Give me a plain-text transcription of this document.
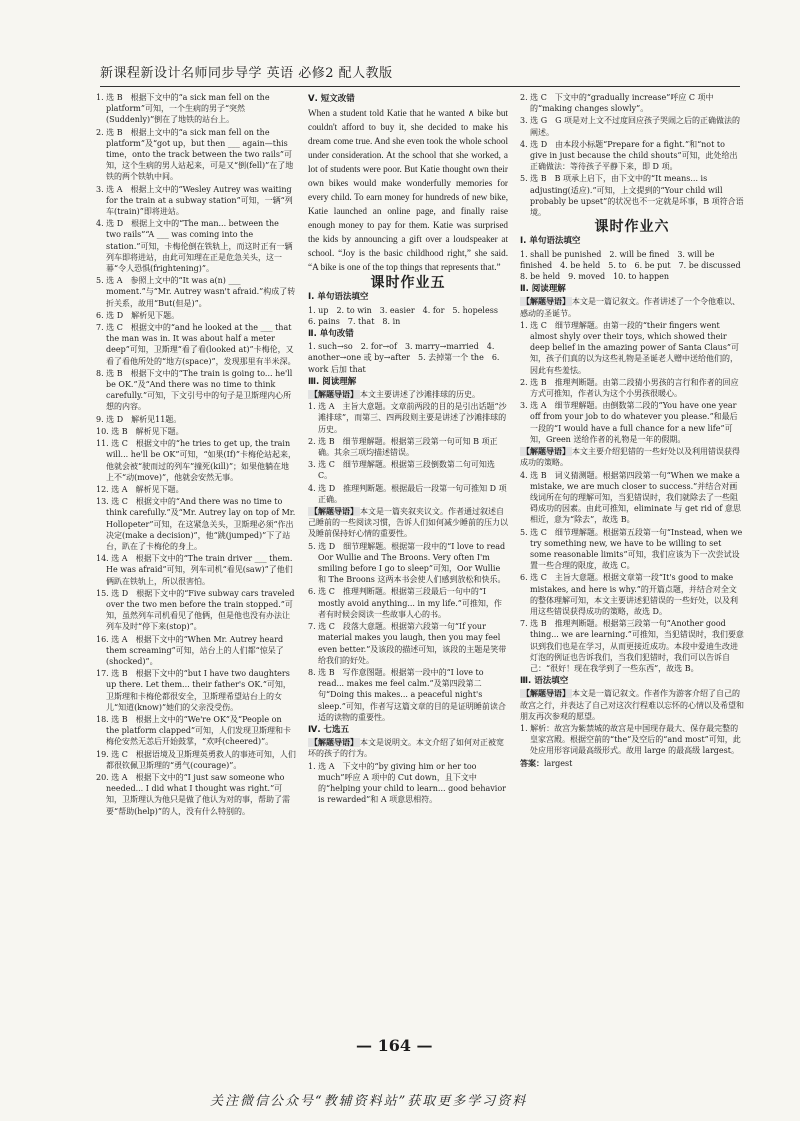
新课程新设计名师同步导学 英语 必修2 配人教版
1. 选 B　根据下文中的“a sick man fell on the platform”可知，一个生病的男子“突然(Suddenly)”倒在了地铁的站台上。
2. 选 B　根据上文中的“a sick man fell on the platform”及“got up，but then ___ again—this time，onto the track between the two rails”可知，这个生病的男人站起来，可是又“倒(fell)”在了地铁的两个铁轨中间。
3. 选 A　根据上文中的“Wesley Autrey was waiting for the train at a subway station”可知，一辆“列车(train)”即将进站。
4. 选 D　根据上文中的“The man... between the two rails”“A ___ was coming into the station.”可知，卡梅伦倒在铁轨上，而这时正有一辆列车即将进站，由此可知理在正是危急关头，这一幕“令人恐惧(frightening)”。
5. 选 A　参照上文中的“It was a(n) ___ moment.”与“Mr. Autrey wasn't afraid.”构成了转折关系，故用“But(但是)”。
6. 选 D　解析见下题。
7. 选 C　根据文中的“and he looked at the ___ that the man was in. It was about half a meter deep”可知，卫斯理“看了看(looked at)”卡梅伦，又看了看他所处的“地方(space)”，发现那里有半米深。
8. 选 B　根据下文中的“The train is going to... he'll be OK.”及“And there was no time to think carefully.”可知，下文引号中的句子是卫斯理内心所想的内容。
9. 选 D　解析见11题。
10. 选 B　解析见下题。
11. 选 C　根据文中的“he tries to get up, the train will... he'll be OK”可知，“如果(If)”卡梅伦站起来，他就会被“驶而过的列车”撞死(kill)”；如果他躺在地上不“动(move)”，他就会安然无事。
12. 选 A　解析见下题。
13. 选 C　根据文中的“And there was no time to think carefully.”及“Mr. Autrey lay on top of Mr. Hollopeter”可知，在这紧急关头，卫斯理必须“作出决定(make a decision)”，他“跳(jumped)”下了站台，趴在了卡梅伦的身上。
14. 选 A　根据下文中的“The train driver ___ them. He was afraid”可知，列车司机“看见(saw)”了他们俩趴在铁轨上，所以很害怕。
15. 选 D　根据下文中的“Five subway cars traveled over the two men before the train stopped.”可知，虽然列车司机看见了他俩，但是他也没有办法让列车及时“停下来(stop)”。
16. 选 A　根据下文中的“When Mr. Autrey heard them screaming”可知，站台上的人们都“惊呆了(shocked)”。
17. 选 B　根据下文中的“but I have two daughters up there. Let them... their father's OK.”可知，卫斯理和卡梅伦都很安全，卫斯理希望站台上的女儿“知道(know)”她们的父亲没受伤。
18. 选 B　根据上文中的“We're OK”及“People on the platform clapped”可知，人们发现卫斯理和卡梅伦安然无恙后开始鼓掌，“欢呼(cheered)”。
19. 选 C　根据语境及卫斯理英勇救人的事迹可知，人们都很钦佩卫斯理的“勇气(courage)”。
20. 选 A　根据下文中的“I just saw someone who needed... I did what I thought was right.”可知，卫斯理认为他只是做了他认为对的事，帮助了需要“帮助(help)”的人，没有什么特别的。
Ⅴ. 短文改错

When a student told Katie that he wanted ∧ bike but couldn't afford to buy it, she decided to make his dream come true. And she even took the whole school under consideration. At the school that she worked, a lot of students were poor. But Katie thought own their own bikes would make wonderfully memories for every child. To earn money for hundreds of new bike, Katie launched an online page, and finally raise enough money to pay for them. Katie was surprised the kids by announcing a gift over a loudspeaker at school. “Joy is the basic childhood right,” she said. “A bike is one of the top things that represents that.”

课时作业五
Ⅰ. 单句语法填空
1. up　2. to win　3. easier　4. for　5. hopeless　6. pains　7. that　8. in
Ⅱ. 单句改错
1. such→so　2. for→of　3. marry→married　4. another→one 或 by→after　5. 去掉第一个 the　6. work 后加 that
Ⅲ. 阅读理解
【解题导语】 本文主要讲述了沙滩排球的历史。
1. 选 A　主旨大意题。文章前两段的目的是引出话题“沙滩排球”，而第三、四两段则主要是讲述了沙滩排球的历史。
2. 选 B　细节理解题。根据第三段第一句可知 B 项正确。其余三项均描述错误。
3. 选 C　细节理解题。根据第三段倒数第二句可知选 C。
4. 选 D　推理判断题。根据最后一段第一句可推知 D 项正确。
【解题导语】 本文是一篇夹叙夹议文。作者通过叙述自己睡前的一些阅读习惯，告诉人们如何减少睡前的压力以及睡前保持好心情的重要性。
5. 选 D　细节理解题。根据第一段中的“I love to read Oor Wullie and The Broons. Very often I'm smiling before I go to sleep”可知，Oor Wullie 和 The Broons 这两本书会使人们感到放松和快乐。
6. 选 C　推理判断题。根据第三段最后一句中的“I mostly avoid anything... in my life.”可推知，作者有时候会阅读一些故事人心的书。
7. 选 C　段落大意题。根据第六段第一句“If your material makes you laugh, then you may feel even better.”及该段的描述可知，该段的主题是笑带给我们的好处。
8. 选 B　写作意图题。根据第一段中的“I love to read... makes me feel calm.”及第四段第二句“Doing this makes... a peaceful night's sleep.”可知，作者写这篇文章的目的是证明睡前读合适的读物的重要性。
Ⅳ. 七选五
【解题导语】 本文是说明文。本文介绍了如何对正被宽坏的孩子的行为。
1. 选 A　下文中的“by giving him or her too much”呼应 A 项中的 Cut down，且下文中的“helping your child to learn... good behavior is rewarded”和 A 项意思相符。
2. 选 C　下文中的“gradually increase”呼应 C 项中的“making changes slowly”。
3. 选 G　G 项是对上文不过度回应孩子哭闹之后的正确做法的阐述。
4. 选 D　由本段小标题“Prepare for a fight.”和“not to give in just because the child shouts”可知，此处给出正确做法：等待孩子平静下来，即 D 项。
5. 选 B　B 项承上启下，由下文中的“It means... is adjusting(适应).”可知，上文提到的“Your child will probably be upset”的状况也不一定就是坏事，B 项符合语境。
课时作业六
Ⅰ. 单句语法填空
1. shall be punished　2. will be fined　3. will be finished　4. be held　5. to　6. be put　7. be discussed　8. be held　9. moved　10. to happen
Ⅱ. 阅读理解
【解题导语】 本文是一篇记叙文。作者讲述了一个令他难以、感动的圣诞节。
1. 选 C　细节理解题。由第一段的“their fingers went almost shyly over their toys, which showed their deep belief in the amazing power of Santa Claus”可知，孩子们真的以为这些礼物是圣诞老人赠中送给他们的，因此有些羞怯。
2. 选 B　推理判断题。由第二段猜小男孩的言行和作者的回应方式可推知，作者认为这个小男孩很暖心。
3. 选 A　细节理解题。由倒数第二段的“You have one year off from your job to do whatever you please.”和最后一段的“I would have a full chance for a new life”可知，Green 送给作者的礼物是一年的假期。
【解题导语】 本文主要介绍犯错的一些好处以及利用错误获得成功的策略。
4. 选 B　词义猜测题。根据第四段第一句“When we make a mistake, we are much closer to success.”并结合对画线词所在句的理解可知，当犯错误时，我们就除去了一些阻碍成功的因素。由此可推知，eliminate 与 get rid of 意思相近，意为“除去”，故选 B。
5. 选 C　细节理解题。根据第五段第一句“Instead, when we try something new, we have to be willing to set some reasonable limits”可知，我们应该为下一次尝试设置一些合理的限度，故选 C。
6. 选 C　主旨大意题。根据文章第一段“It's good to make mistakes, and here is why.”的开篇点题，并结合对全文的整体理解可知，本文主要讲述犯错误的一些好处，以及利用这些错误获得成功的策略，故选 D。
7. 选 B　推理判断题。根据第三段第一句“Another good thing... we are learning.”可推知，当犯错误时，我们要意识到我们也是在学习，从而更接近成功。本段中爱迪生改进灯泡的例证也告诉我们，当我们犯错时，我们可以告诉自己：“很好！现在我学到了一些东西”，故选 B。
Ⅲ. 语法填空
【解题导语】 本文是一篇记叙文。作者作为游客介绍了自己的故宫之行，并表达了自己对这次行程难以忘怀的心情以及希望和朋友再次参观的愿望。
1. 解析：故宫为紫禁城的故宫是中国现存最大、保存最完整的皇家宫殿。根据空前的“the”及空后的“and most”可知，此处应用形容词最高级形式。故用 large 的最高级 largest。
答案：largest
— 164 —
关注微信公众号“教辅资料站”获取更多学习资料
